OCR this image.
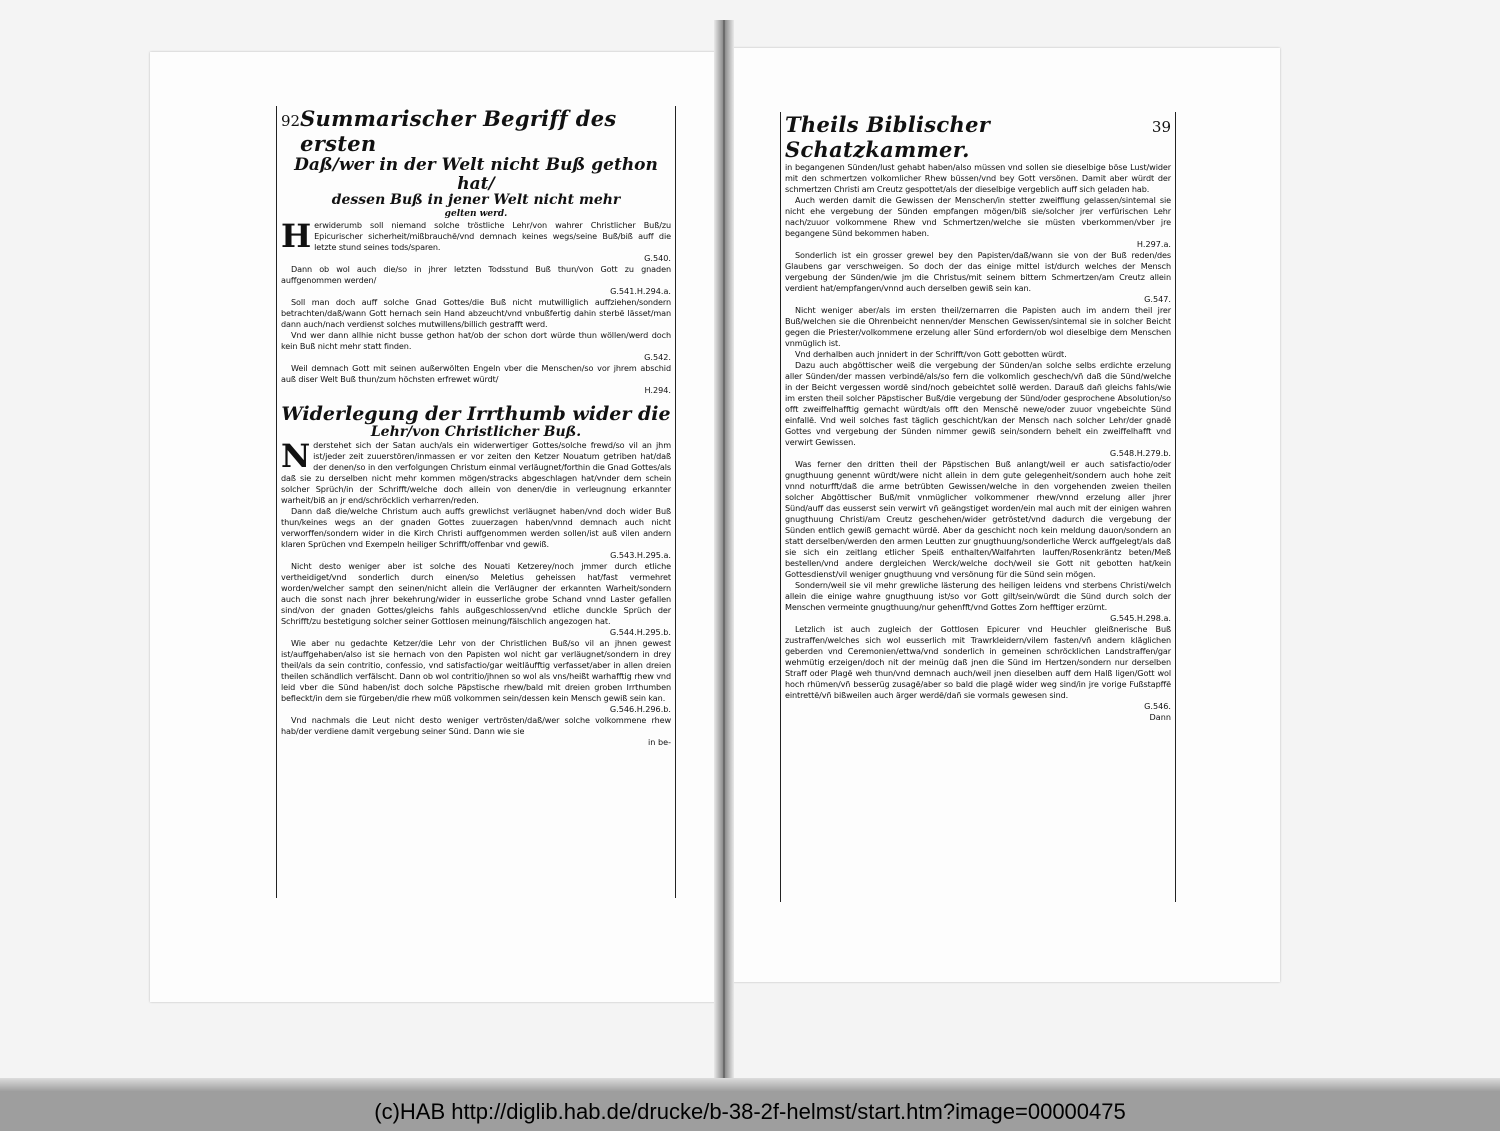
92 Summarischer Begriff des ersten
Daß/wer in der Welt nicht Buß gethon hat/
dessen Buß in jener Welt nicht mehr
gelten werd.

Herwiderumb soll niemand solche tröstliche Lehr/von wahrer Christlicher Buß/zu Epicurischer sicherheit/mißbrauchẽ/vnd demnach keines wegs/seine Buß/biß auff die letzte stund seines tods/sparen.

G.540.

Dann ob wol auch die/so in jhrer letzten Todsstund Buß thun/von Gott zu gnaden auffgenommen werden/

G.541.H.294.a.

Soll man doch auff solche Gnad Gottes/die Buß nicht mutwilliglich auffziehen/sondern betrachten/daß/wann Gott hernach sein Hand abzeucht/vnd vnbußfertig dahin sterbẽ lässet/man dann auch/nach verdienst solches mutwillens/billich gestrafft werd.

Vnd wer dann allhie nicht busse gethon hat/ob der schon dort würde thun wöllen/werd doch kein Buß nicht mehr statt finden.

G.542.

Weil demnach Gott mit seinen außerwölten Engeln vber die Menschen/so vor jhrem abschid auß diser Welt Buß thun/zum höchsten erfrewet würdt/

H.294.
Widerlegung der Irrthumb wider die
Lehr/von Christlicher Buß.

Nderstehet sich der Satan auch/als ein widerwertiger Gottes/solche frewd/so vil an jhm ist/jeder zeit zuuerstören/inmassen er vor zeiten den Ketzer Nouatum getriben hat/daß der denen/so in den verfolgungen Christum einmal verläugnet/forthin die Gnad Gottes/als daß sie zu derselben nicht mehr kommen mögen/stracks abgeschlagen hat/vnder dem schein solcher Sprüch/in der Schrifft/welche doch allein von denen/die in verleugnung erkannter warheit/biß an jr end/schröcklich verharren/reden.

Dann daß die/welche Christum auch auffs grewlichst verläugnet haben/vnd doch wider Buß thun/keines wegs an der gnaden Gottes zuuerzagen haben/vnnd demnach auch nicht verworffen/sondern wider in die Kirch Christi auffgenommen werden sollen/ist auß vilen andern klaren Sprüchen vnd Exempeln heiliger Schrifft/offenbar vnd gewiß.

G.543.H.295.a.

Nicht desto weniger aber ist solche des Nouati Ketzerey/noch jmmer durch etliche vertheidiget/vnd sonderlich durch einen/so Meletius geheissen hat/fast vermehret worden/welcher sampt den seinen/nicht allein die Verläugner der erkannten Warheit/sondern auch die sonst nach jhrer bekehrung/wider in eusserliche grobe Schand vnnd Laster gefallen sind/von der gnaden Gottes/gleichs fahls außgeschlossen/vnd etliche dunckle Sprüch der Schrifft/zu bestetigung solcher seiner Gottlosen meinung/fälschlich angezogen hat.

G.544.H.295.b.

Wie aber nu gedachte Ketzer/die Lehr von der Christlichen Buß/so vil an jhnen gewest ist/auffgehaben/also ist sie hernach von den Papisten wol nicht gar verläugnet/sondern in drey theil/als da sein contritio, confessio, vnd satisfactio/gar weitläufftig verfasset/aber in allen dreien theilen schändlich verfälscht. Dann ob wol contritio/jhnen so wol als vns/heißt warhafftig rhew vnd leid vber die Sünd haben/ist doch solche Päpstische rhew/bald mit dreien groben Irrthumben befleckt/in dem sie fürgeben/die rhew müß volkommen sein/dessen kein Mensch gewiß sein kan.

G.546.H.296.b.

Vnd nachmals die Leut nicht desto weniger vertrösten/daß/wer solche volkommene rhew hab/der verdiene damit vergebung seiner Sünd. Dann wie sie

in be-
Theils Biblischer Schatzkammer.
39

in begangenen Sünden/lust gehabt haben/also müssen vnd sollen sie dieselbige böse Lust/wider mit den schmertzen volkomlicher Rhew büssen/vnd bey Gott versönen. Damit aber würdt der schmertzen Christi am Creutz gespottet/als der dieselbige vergeblich auff sich geladen hab.

Auch werden damit die Gewissen der Menschen/in stetter zweifflung gelassen/sintemal sie nicht ehe vergebung der Sünden empfangen mögen/biß sie/solcher jrer verfürischen Lehr nach/zuuor volkommene Rhew vnd Schmertzen/welche sie müsten vberkommen/vber jre begangene Sünd bekommen haben.

H.297.a.

Sonderlich ist ein grosser grewel bey den Papisten/daß/wann sie von der Buß reden/des Glaubens gar verschweigen. So doch der das einige mittel ist/durch welches der Mensch vergebung der Sünden/wie jm die Christus/mit seinem bittern Schmertzen/am Creutz allein verdient hat/empfangen/vnnd auch derselben gewiß sein kan.

G.547.

Nicht weniger aber/als im ersten theil/zernarren die Papisten auch im andern theil jrer Buß/welchen sie die Ohrenbeicht nennen/der Menschen Gewissen/sintemal sie in solcher Beicht gegen die Priester/volkommene erzelung aller Sünd erfordern/ob wol dieselbige dem Menschen vnmüglich ist.

Vnd derhalben auch jnnidert in der Schrifft/von Gott gebotten würdt.

Dazu auch abgöttischer weiß die vergebung der Sünden/an solche selbs erdichte erzelung aller Sünden/der massen verbindẽ/als/so fern die volkomlich geschech/vñ daß die Sünd/welche in der Beicht vergessen wordẽ sind/noch gebeichtet sollẽ werden. Darauß dañ gleichs fahls/wie im ersten theil solcher Päpstischer Buß/die vergebung der Sünd/oder gesprochene Absolution/so offt zweiffelhafftig gemacht würdt/als offt den Menschẽ newe/oder zuuor vngebeichte Sünd einfallẽ. Vnd weil solches fast täglich geschicht/kan der Mensch nach solcher Lehr/der gnadẽ Gottes vnd vergebung der Sünden nimmer gewiß sein/sondern behelt ein zweiffelhafft vnd verwirt Gewissen.

G.548.H.279.b.

Was ferner den dritten theil der Päpstischen Buß anlangt/weil er auch satisfactio/oder gnugthuung genennt würdt/were nicht allein in dem gute gelegenheit/sondern auch hohe zeit vnnd noturfft/daß die arme betrübten Gewissen/welche in den vorgehenden zweien theilen solcher Abgöttischer Buß/mit vnmüglicher volkommener rhew/vnnd erzelung aller jhrer Sünd/auff das eusserst sein verwirt vñ geängstiget worden/ein mal auch mit der einigen wahren gnugthuung Christi/am Creutz geschehen/wider getröstet/vnd dadurch die vergebung der Sünden entlich gewiß gemacht würdẽ. Aber da geschicht noch kein meldung dauon/sondern an statt derselben/werden den armen Leutten zur gnugthuung/sonderliche Werck auffgelegt/als daß sie sich ein zeitlang etlicher Speiß enthalten/Walfahrten lauffen/Rosenkräntz beten/Meß bestellen/vnd andere dergleichen Werck/welche doch/weil sie Gott nit gebotten hat/kein Gottesdienst/vil weniger gnugthuung vnd versönung für die Sünd sein mögen.

Sondern/weil sie vil mehr grewliche lästerung des heiligen leidens vnd sterbens Christi/welch allein die einige wahre gnugthuung ist/so vor Gott gilt/sein/würdt die Sünd durch solch der Menschen vermeinte gnugthuung/nur gehenfft/vnd Gottes Zorn hefftiger erzürnt.

G.545.H.298.a.

Letzlich ist auch zugleich der Gottlosen Epicurer vnd Heuchler gleißnerische Buß zustraffen/welches sich wol eusserlich mit Trawrkleidern/vilem fasten/vñ andern kläglichen geberden vnd Ceremonien/ettwa/vnd sonderlich in gemeinen schröcklichen Landstraffen/gar wehmütig erzeigen/doch nit der meinüg daß jnen die Sünd im Hertzen/sondern nur derselben Straff oder Plagẽ weh thun/vnd demnach auch/weil jnen dieselben auff dem Halß ligen/Gott wol hoch rhümen/vñ besserüg zusagẽ/aber so bald die plagẽ wider weg sind/in jre vorige Fußstapffẽ eintrettẽ/vñ bißweilen auch ärger werdẽ/dañ sie vormals gewesen sind.

G.546.
Dann
(c)HAB http://diglib.hab.de/drucke/b-38-2f-helmst/start.htm?image=00000475
